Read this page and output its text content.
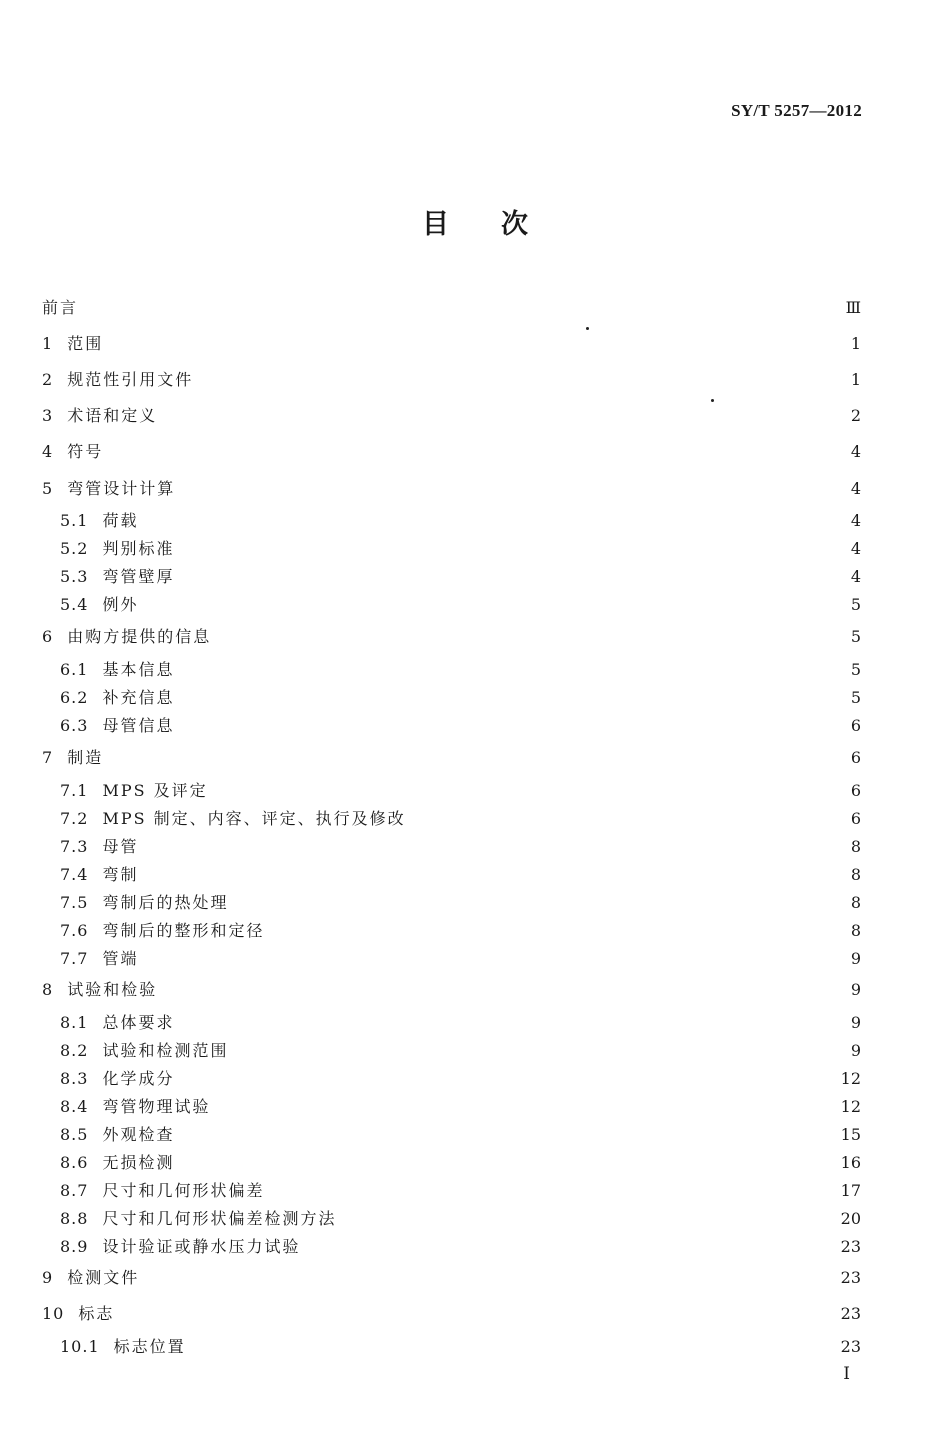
SY/T 5257—2012
目 次
前言	Ⅲ
1 范围	1
2 规范性引用文件	1
3 术语和定义	2
4 符号	4
5 弯管设计计算	4
5.1 荷载	4
5.2 判别标准	4
5.3 弯管壁厚	4
5.4 例外	5
6 由购方提供的信息	5
6.1 基本信息	5
6.2 补充信息	5
6.3 母管信息	6
7 制造	6
7.1 MPS 及评定	6
7.2 MPS 制定、内容、评定、执行及修改	6
7.3 母管	8
7.4 弯制	8
7.5 弯制后的热处理	8
7.6 弯制后的整形和定径	8
7.7 管端	9
8 试验和检验	9
8.1 总体要求	9
8.2 试验和检测范围	9
8.3 化学成分	12
8.4 弯管物理试验	12
8.5 外观检查	15
8.6 无损检测	16
8.7 尺寸和几何形状偏差	17
8.8 尺寸和几何形状偏差检测方法	20
8.9 设计验证或静水压力试验	23
9 检测文件	23
10 标志	23
10.1 标志位置	23
I
